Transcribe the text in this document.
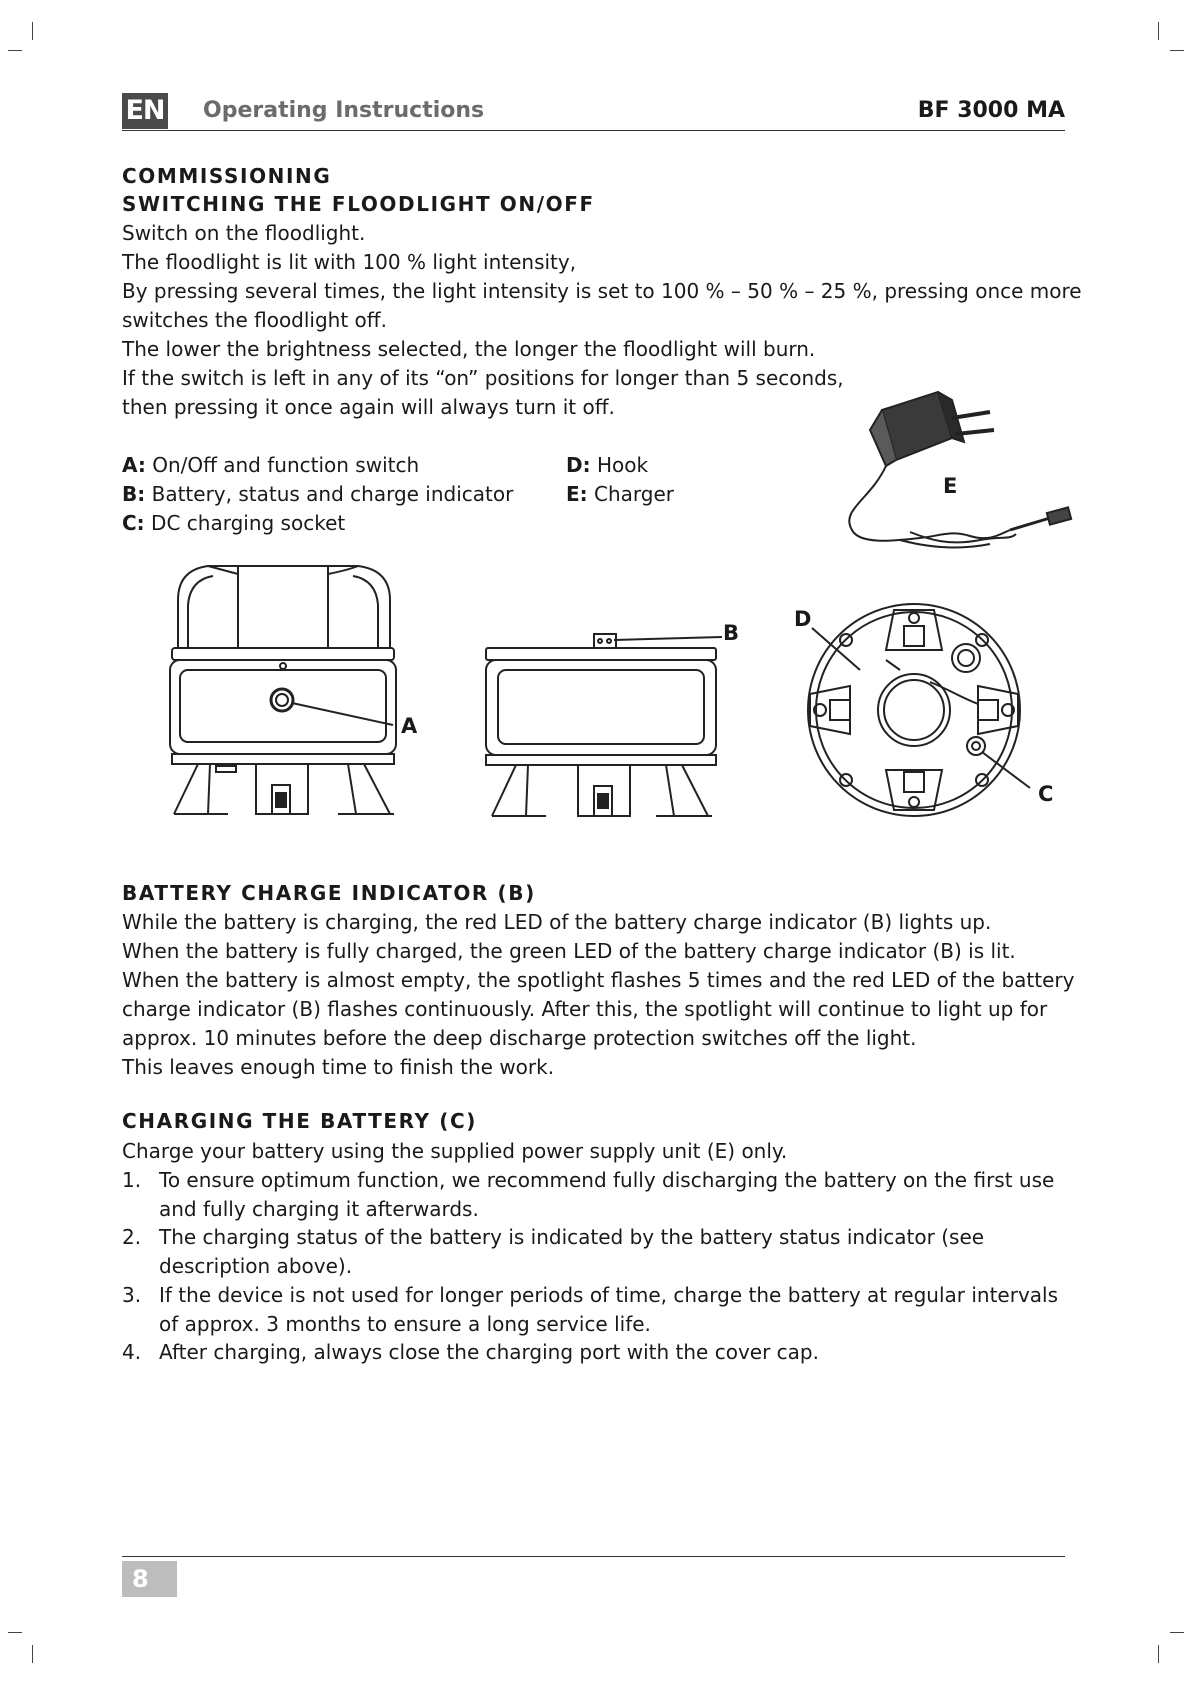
EN Operating Instructions	BF 3000 MA
COMMISSIONING
SWITCHING THE FLOODLIGHT ON/OFF
Switch on the floodlight.
The floodlight is lit with 100 % light intensity,
By pressing several times, the light intensity is set to 100 % – 50 % – 25 %, pressing once more
switches the floodlight off.
The lower the brightness selected, the longer the floodlight will burn.
If the switch is left in any of its “on” positions for longer than 5 seconds,
then pressing it once again will always turn it off.
A: On/Off and function switch
B: Battery, status and charge indicator
C: DC charging socket
D: Hook
E: Charger	E
A
B
D
C
BATTERY CHARGE INDICATOR (B)
While the battery is charging, the red LED of the battery charge indicator (B) lights up.
When the battery is fully charged, the green LED of the battery charge indicator (B) is lit.
When the battery is almost empty, the spotlight flashes 5 times and the red LED of the battery
charge indicator (B) flashes continuously. After this, the spotlight will continue to light up for
approx. 10 minutes before the deep discharge protection switches off the light.
This leaves enough time to finish the work.
CHARGING THE BATTERY (C)
Charge your battery using the supplied power supply unit (E) only.
1. To ensure optimum function, we recommend fully discharging the battery on the first use and fully charging it afterwards.
2. The charging status of the battery is indicated by the battery status indicator (see description above).
3. If the device is not used for longer periods of time, charge the battery at regular intervals of approx. 3 months to ensure a long service life.
4. After charging, always close the charging port with the cover cap.
8
